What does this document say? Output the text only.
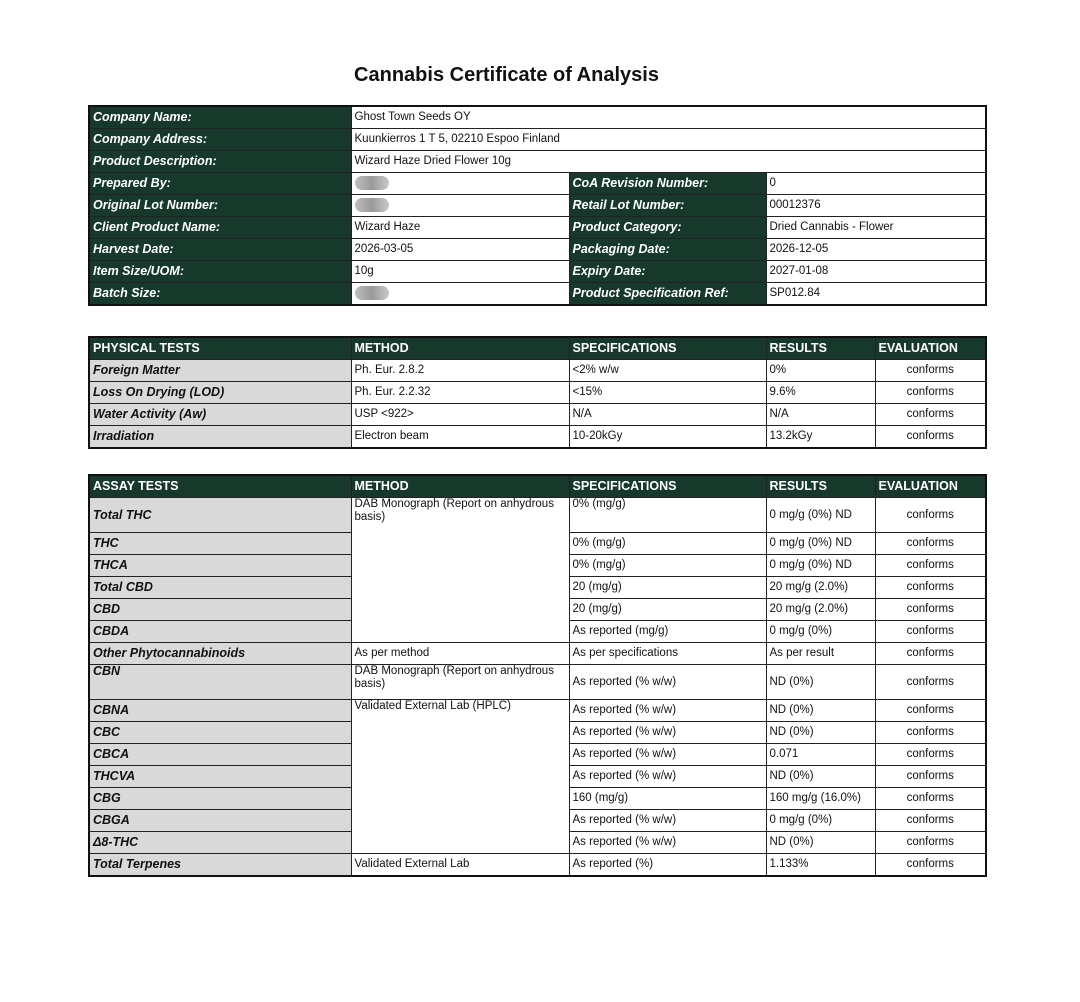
Cannabis Certificate of Analysis
Company Name:	Ghost Town Seeds OY		
Company Address:	Kuunkierros 1 T 5, 02210 Espoo Finland		
Product Description:	Wizard Haze Dried Flower 10g		
Prepared By:		CoA Revision Number:	0
Original Lot Number:		Retail Lot Number:	00012376
Client Product Name:	Wizard Haze	Product Category:	Dried Cannabis - Flower
Harvest Date:	2026-03-05	Packaging Date:	2026-12-05
Item Size/UOM:	10g	Expiry Date:	2027-01-08
Batch Size:		Product Specification Ref:	SP012.84
PHYSICAL TESTS	METHOD	SPECIFICATIONS	RESULTS	EVALUATION
Foreign Matter	Ph. Eur. 2.8.2	<2% w/w	0%	conforms
Loss On Drying (LOD)	Ph. Eur. 2.2.32	<15%	9.6%	conforms
Water Activity (Aw)	USP <922>	N/A	N/A	conforms
Irradiation	Electron beam	10-20kGy	13.2kGy	conforms
ASSAY TESTS	METHOD	SPECIFICATIONS	RESULTS	EVALUATION
Total THC	DAB Monograph (Report on anhydrous basis)	0% (mg/g)	0 mg/g (0%) ND	conforms
THC		0% (mg/g)	0 mg/g (0%) ND	conforms
THCA		0% (mg/g)	0 mg/g (0%) ND	conforms
Total CBD		20 (mg/g)	20 mg/g (2.0%)	conforms
CBD		20 (mg/g)	20 mg/g (2.0%)	conforms
CBDA		As reported (mg/g)	0 mg/g (0%)	conforms
Other Phytocannabinoids	As per method	As per specifications	As per result	conforms
CBN	DAB Monograph (Report on anhydrous basis)	As reported (% w/w)	ND (0%)	conforms
CBNA	Validated External Lab (HPLC)	As reported (% w/w)	ND (0%)	conforms
CBC		As reported (% w/w)	ND (0%)	conforms
CBCA		As reported (% w/w)	0.071	conforms
THCVA		As reported (% w/w)	ND (0%)	conforms
CBG		160 (mg/g)	160 mg/g (16.0%)	conforms
CBGA		As reported (% w/w)	0 mg/g (0%)	conforms
Δ8-THC		As reported (% w/w)	ND (0%)	conforms
Total Terpenes	Validated External Lab	As reported (%)	1.133%	conforms
